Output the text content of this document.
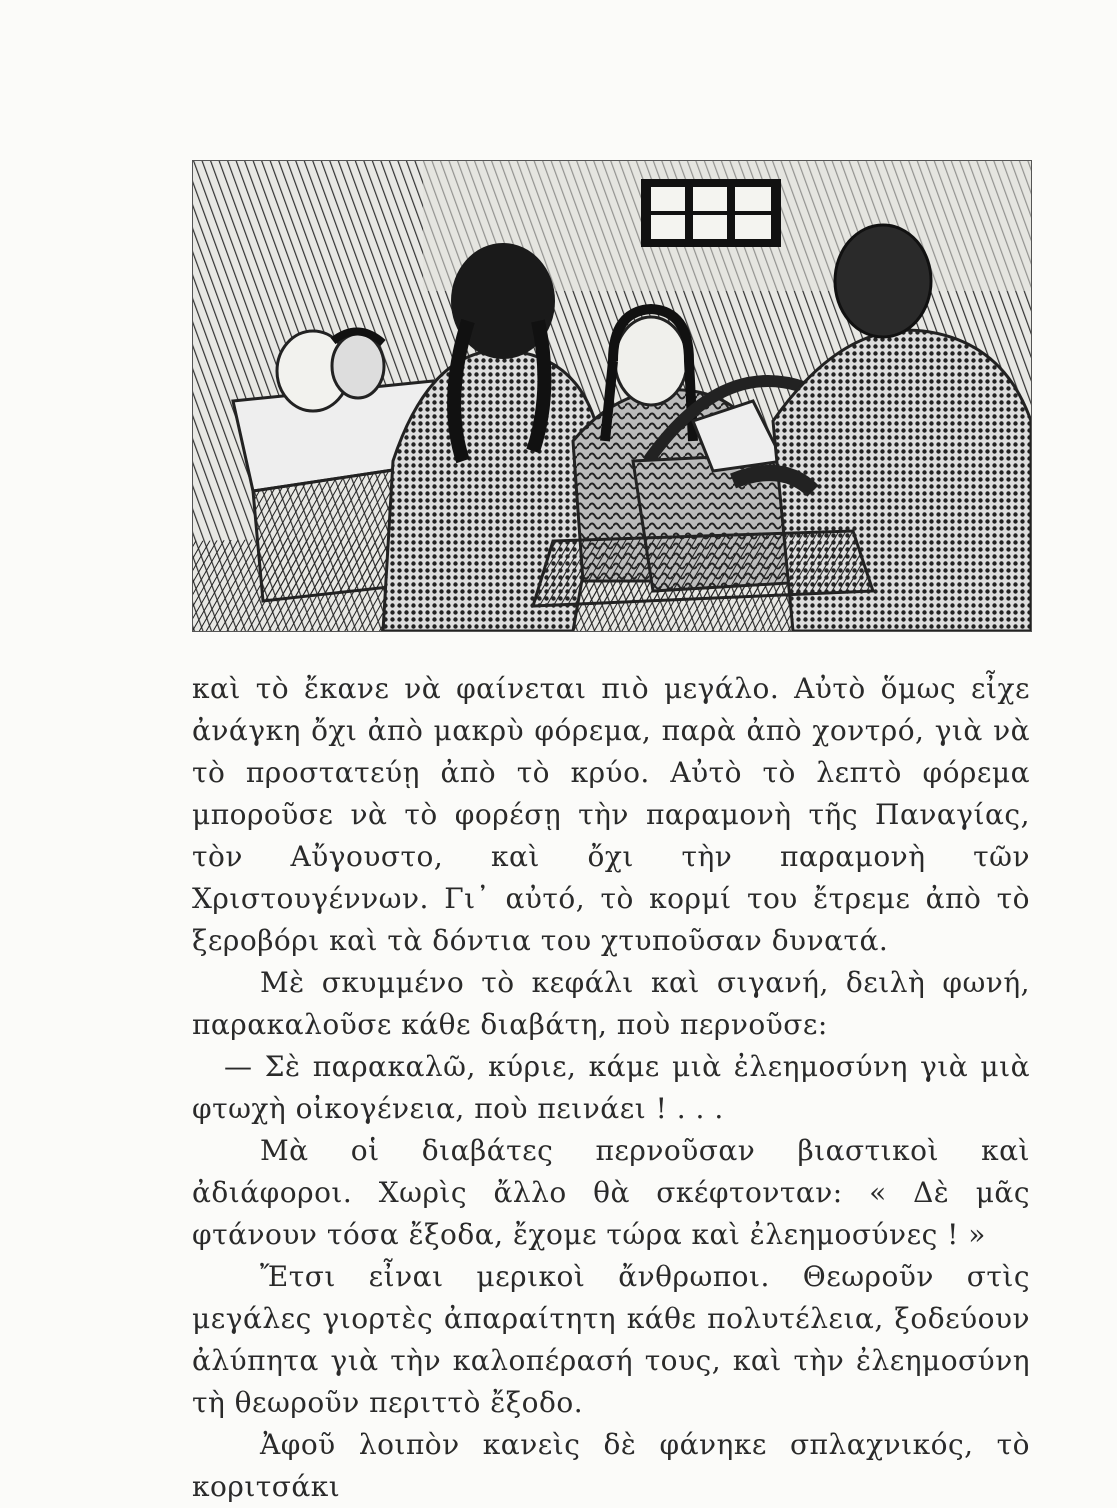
καὶ τὸ ἔκανε νὰ φαίνεται πιὸ μεγάλο. Αὐτὸ ὅμως εἶχε ἀνάγκη ὄχι ἀπὸ μακρὺ φόρεμα, παρὰ ἀπὸ χοντρό, γιὰ νὰ τὸ προστατεύῃ ἀπὸ τὸ κρύο. Αὐτὸ τὸ λεπτὸ φόρεμα μποροῦσε νὰ τὸ φορέσῃ τὴν παραμονὴ τῆς Παναγίας, τὸν Αὔγουστο, καὶ ὄχι τὴν παραμονὴ τῶν Χριστουγέννων. Γι᾿ αὐτό, τὸ κορμί του ἔτρεμε ἀπὸ τὸ ξεροβόρι καὶ τὰ δόντια του χτυποῦσαν δυνατά.

Μὲ σκυμμένο τὸ κεφάλι καὶ σιγανή, δειλὴ φωνή, παρακαλοῦσε κάθε διαβάτη, ποὺ περνοῦσε:

— Σὲ παρακαλῶ, κύριε, κάμε μιὰ ἐλεημοσύνη γιὰ μιὰ φτωχὴ οἰκογένεια, ποὺ πεινάει ! . . .

Μὰ οἱ διαβάτες περνοῦσαν βιαστικοὶ καὶ ἀδιάφοροι. Χωρὶς ἄλλο θὰ σκέφτονταν: « Δὲ μᾶς φτάνουν τόσα ἔξοδα, ἔχομε τώρα καὶ ἐλεημοσύνες ! »

Ἔτσι εἶναι μερικοὶ ἄνθρωποι. Θεωροῦν στὶς μεγάλες γιορτὲς ἀπαραίτητη κάθε πολυτέλεια, ξοδεύουν ἀλύπητα γιὰ τὴν καλοπέρασή τους, καὶ τὴν ἐλεημοσύνη τὴ θεωροῦν περιττὸ ἔξοδο.

Ἀφοῦ λοιπὸν κανεὶς δὲ φάνηκε σπλαχνικός, τὸ κοριτσάκι
